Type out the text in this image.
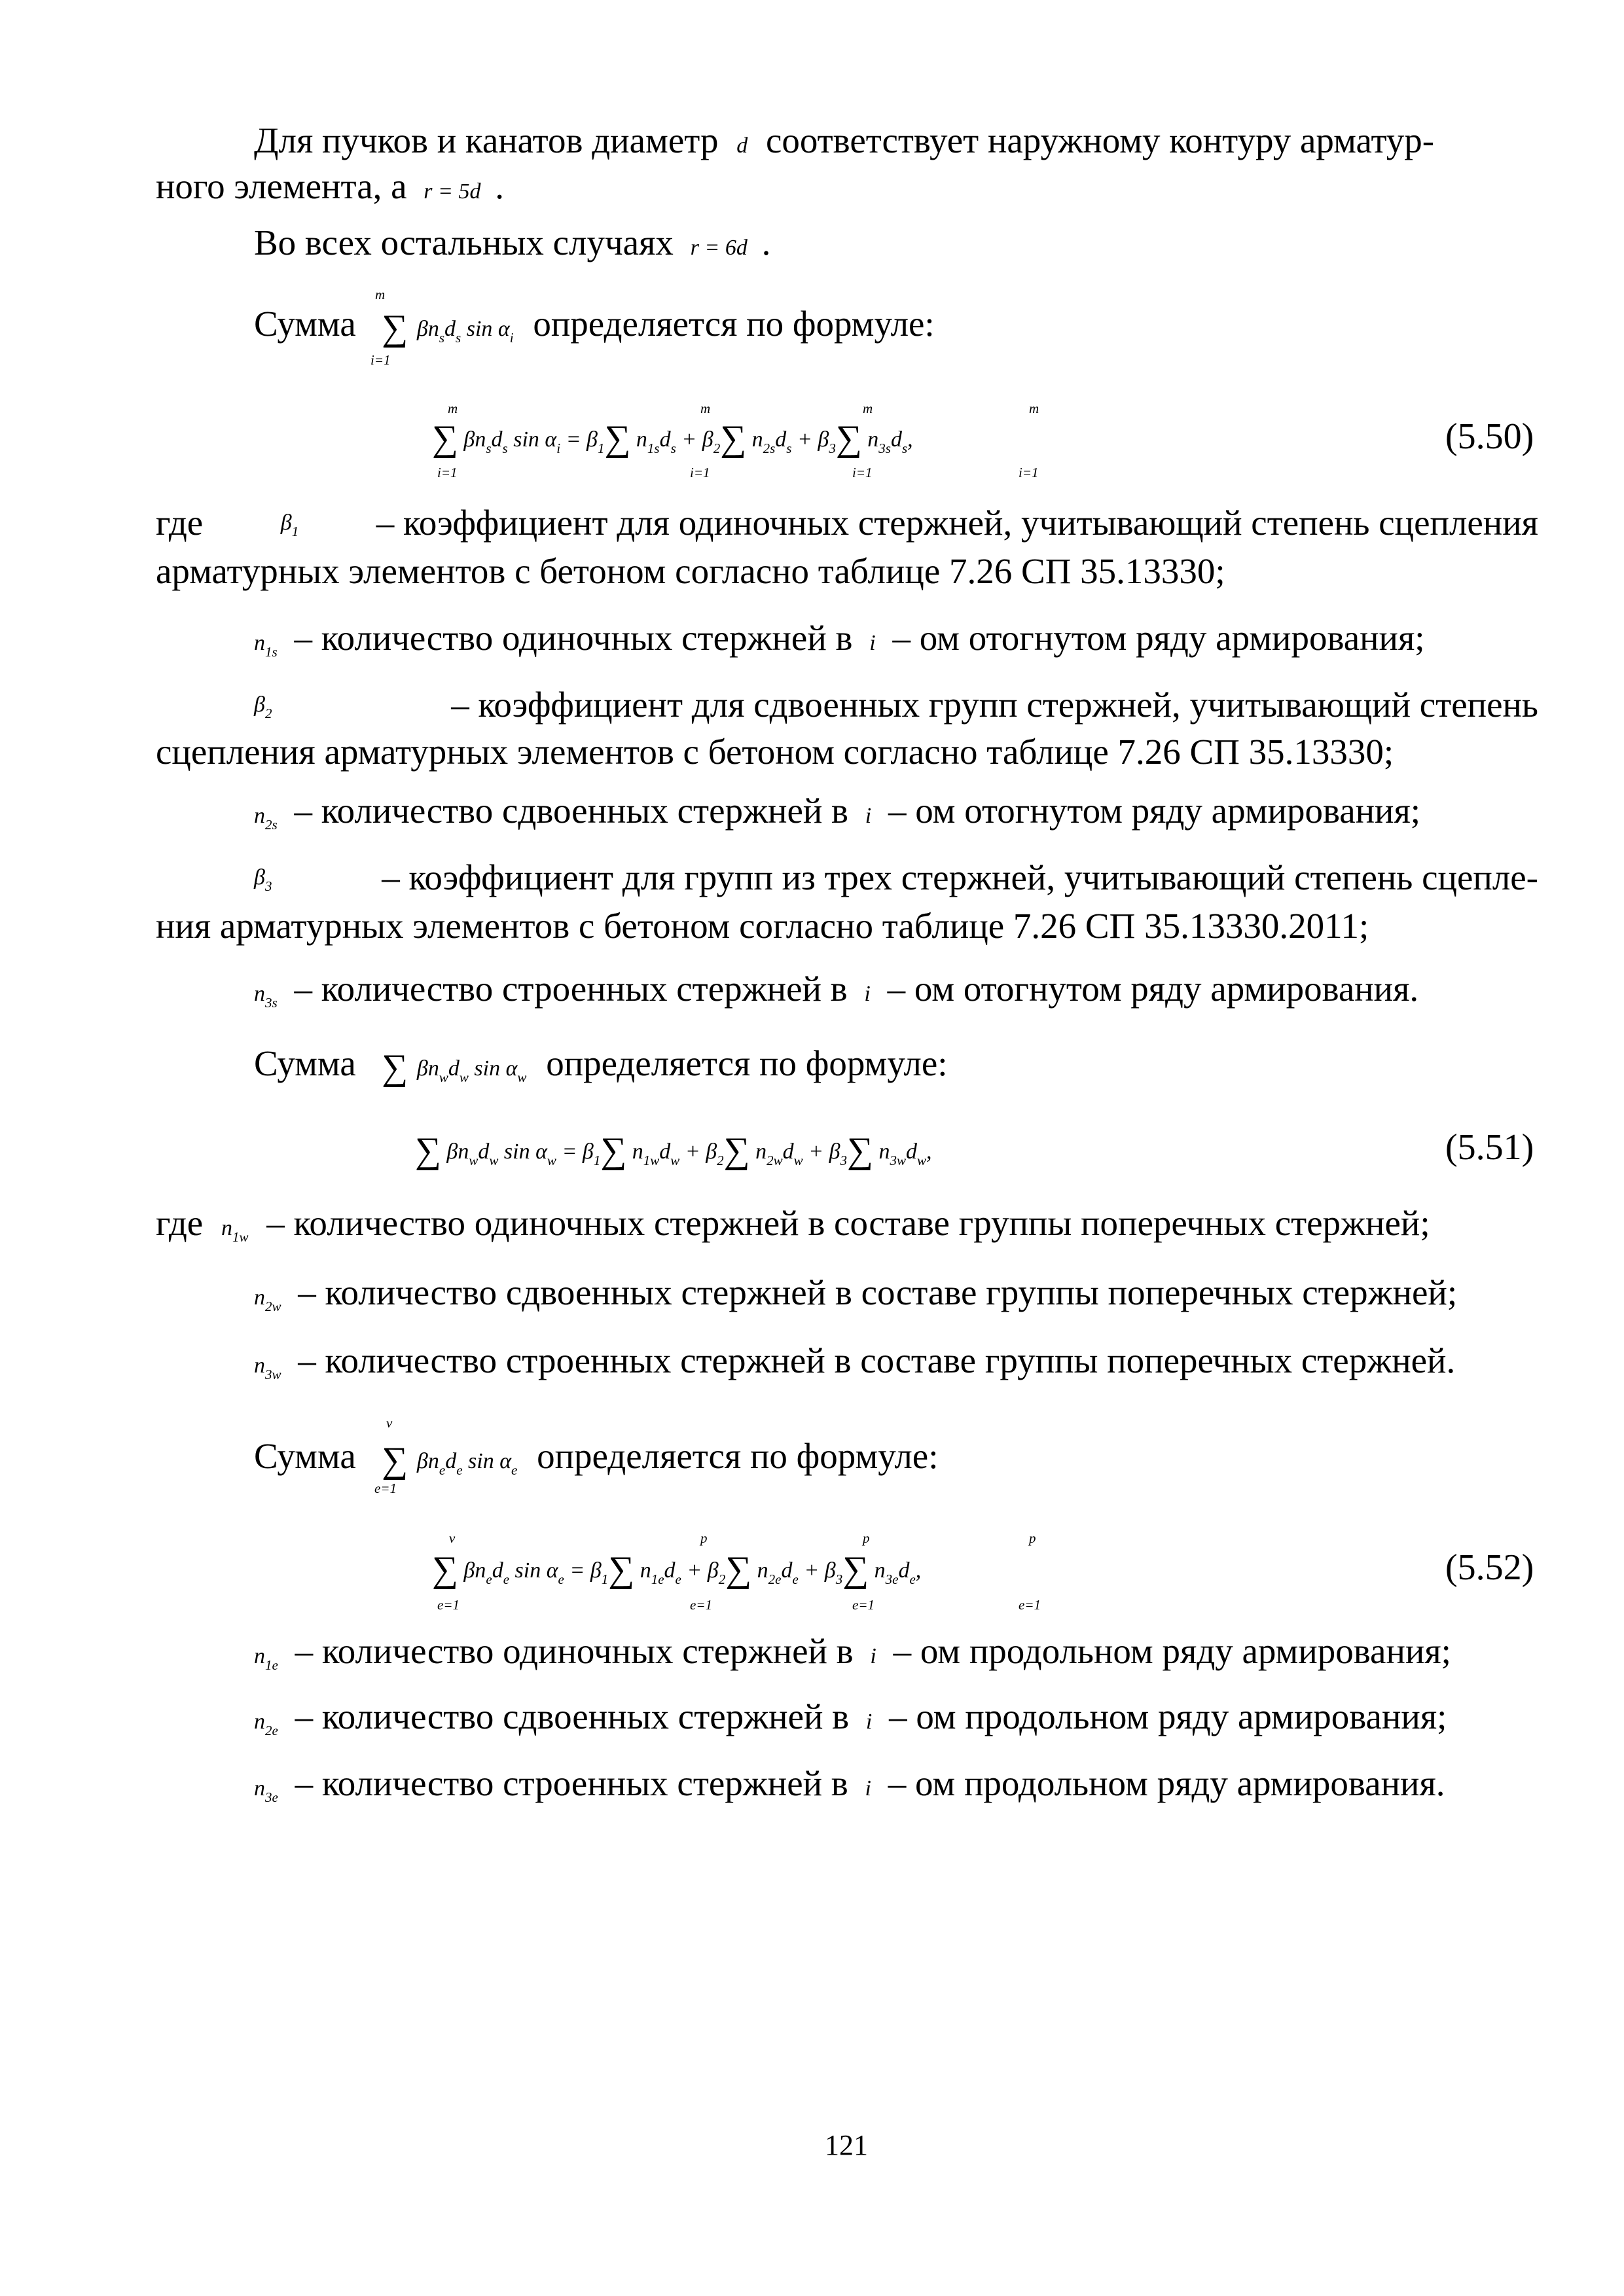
Для пучков и канатов диаметр d соответствует наружному контуру арматур-
ного элемента, а r = 5d .
Во всех остальных случаях r = 6d .
Сумма ∑ $\beta n_sd_s$ $\sin \alpha_i$ определяется по формуле:
m
i=1
∑ $\beta n_sd_s$ $\sin \alpha_i = \beta_1\sum$ $n_{1s}d_s + \beta_2\sum$ $n_{2s}d_s + \beta_3\sum$ $n_{3s}d_s$,
m
i=1
m
i=1
m
i=1
m
i=1
(5.50)
где	$\beta_1$ – коэффициент для одиночных стержней, учитывающий степень сцепления
арматурных элементов с бетоном согласно таблице 7.26 СП 35.13330;
$n_{1s}$ – количество одиночных стержней в i – ом отогнутом ряду армирования;
$\beta_2$	– коэффициент для сдвоенных групп стержней, учитывающий степень
сцепления арматурных элементов с бетоном согласно таблице 7.26 СП 35.13330;
$n_{2s}$ – количество сдвоенных стержней в i – ом отогнутом ряду армирования;
$\beta_3$	– коэффициент для групп из трех стержней, учитывающий степень сцепле-
ния арматурных элементов с бетоном согласно таблице 7.26 СП 35.13330.2011;
$n_{3s}$ – количество строенных стержней в i – ом отогнутом ряду армирования.
Сумма ∑ $\beta n_wd_w$ $\sin \alpha_w$ определяется по формуле:
∑ $\beta n_wd_w$ $\sin \alpha_w = \beta_1\sum$ $n_{1w}d_w + \beta_2\sum$ $n_{2w}d_w + \beta_3\sum$ $n_{3w}d_w$,	(5.51)
где $n_{1w}$ – количество одиночных стержней в составе группы поперечных стержней;
$n_{2w}$ – количество сдвоенных стержней в составе группы поперечных стержней;
$n_{3w}$ – количество строенных стержней в составе группы поперечных стержней.
Сумма ∑ $\beta n_ed_e$ $\sin \alpha_e$ определяется по формуле:
v
e=1
∑ $\beta n_ed_e$ $\sin \alpha_e = \beta_1\sum$ $n_{1e}d_e + \beta_2\sum$ $n_{2e}d_e + \beta_3\sum$ $n_{3e}d_e$,
v
e=1
p
e=1
p
e=1
p
e=1
(5.52)
$n_{1e}$ – количество одиночных стержней в i – ом продольном ряду армирования;
$n_{2e}$ – количество сдвоенных стержней в i – ом продольном ряду армирования;
$n_{3e}$ – количество строенных стержней в i – ом продольном ряду армирования.
121
